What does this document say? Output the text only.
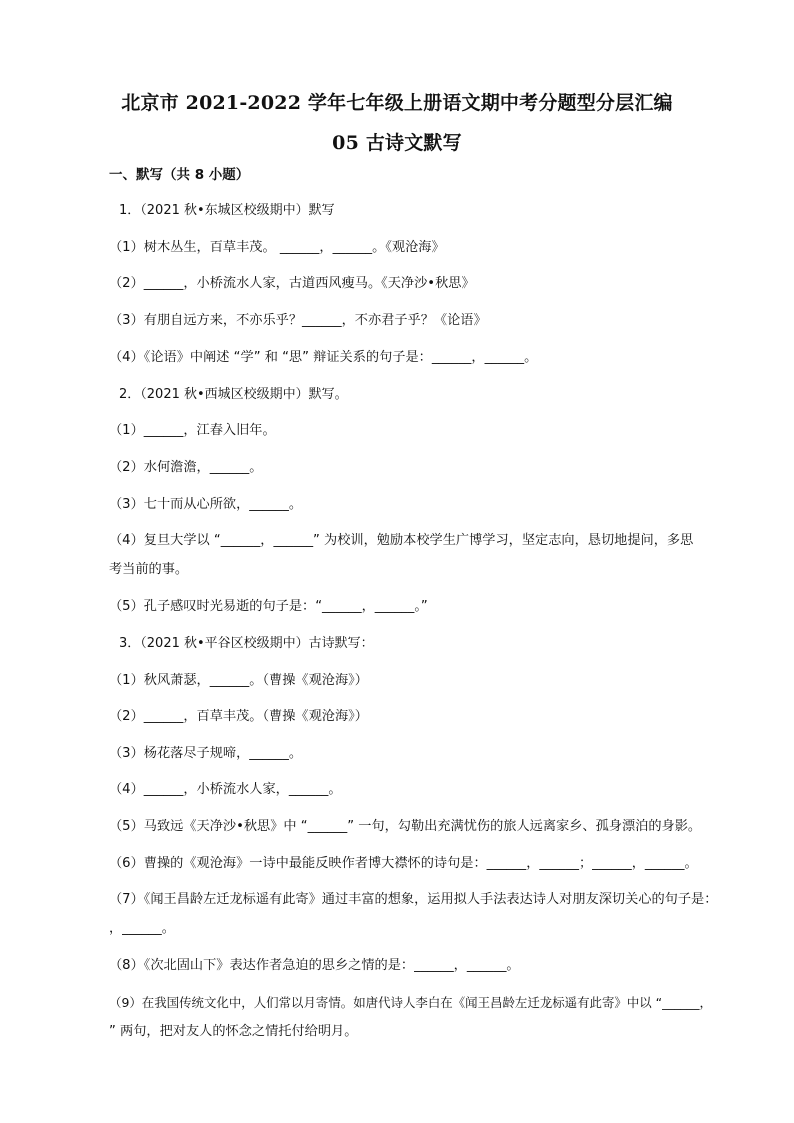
北京市 2021-2022 学年七年级上册语文期中考分题型分层汇编
05 古诗文默写
一、默写（共 8 小题）
1．（2021 秋•东城区校级期中）默写
（1）树木丛生，百草丰茂。 ______，______。《观沧海》
（2）______，小桥流水人家，古道西风瘦马。《天净沙•秋思》
（3）有朋自远方来，不亦乐乎？______，不亦君子乎？《论语》
（4）《论语》中阐述 “学” 和 “思” 辩证关系的句子是：______，______。
2．（2021 秋•西城区校级期中）默写。
（1）______，江春入旧年。
（2）水何澹澹，______。
（3）七十而从心所欲，______。
（4）复旦大学以 “______，______” 为校训，勉励本校学生广博学习，坚定志向，恳切地提问，多思
考当前的事。
（5）孔子感叹时光易逝的句子是：“______，______。”
3．（2021 秋•平谷区校级期中）古诗默写：
（1）秋风萧瑟，______。（曹操《观沧海》）
（2）______，百草丰茂。（曹操《观沧海》）
（3）杨花落尽子规啼，______。
（4）______，小桥流水人家，______。
（5）马致远《天净沙•秋思》中 “______” 一句，勾勒出充满忧伤的旅人远离家乡、孤身漂泊的身影。
（6）曹操的《观沧海》一诗中最能反映作者博大襟怀的诗句是：______，______；______，______。
（7）《闻王昌龄左迁龙标遥有此寄》通过丰富的想象，运用拟人手法表达诗人对朋友深切关心的句子是：
，______。
（8）《次北固山下》表达作者急迫的思乡之情的是：______，______。
（9）在我国传统文化中，人们常以月寄情。如唐代诗人李白在《闻王昌龄左迁龙标遥有此寄》中以 “______，
” 两句，把对友人的怀念之情托付给明月。
